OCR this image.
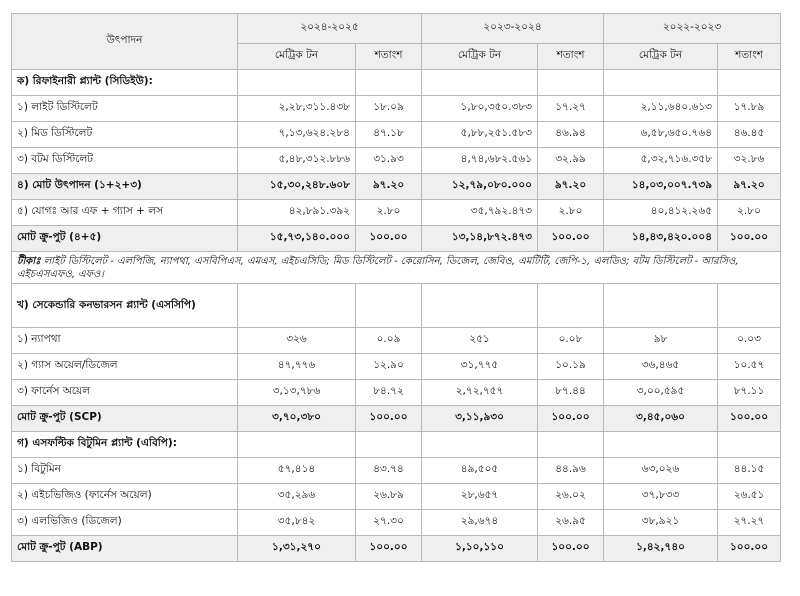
উৎপাদন	২০২৪-২০২৫		২০২৩-২০২৪		২০২২-২০২৩	
	মেট্রিক টন	শতাংশ	মেট্রিক টন	শতাংশ	মেট্রিক টন	শতাংশ
ক) রিফাইনারী প্ল্যান্ট (সিডিইউ):						
১) লাইট ডিস্টিলেট	২,২৮,৩১১.৪৩৮	১৮.০৯	১,৮০,৩৫০.৩৮৩	১৭.২৭	২,১১,৬৪০.৬১৩	১৭.৮৯
২) মিড ডিস্টিলেট	৭,১৩,৬২৪.২৮৪	৪৭.১৮	৫,৮৮,২৫১.৫৮৩	৪৬.৯৪	৬,৫৮,৬৫০.৭৬৪	৪৬.৪৫
৩) বটম ডিস্টিলেট	৫,৪৮,৩১২.৮৮৬	৩১.৯৩	৪,৭৪,৬৮২.৫৬১	৩২.৯৯	৫,৩২,৭১৬.৩৫৮	৩২.৮৬
৪) মোট উৎপাদন (১+২+৩)	১৫,৩০,২৪৮.৬০৮	৯৭.২০	১২,৭৯,০৮০.০০০	৯৭.২০	১৪,০৩,০০৭.৭৩৯	৯৭.২০
৫) যোগঃ আর এফ + গ্যাস + লস	৪২,৮৯১.৩৯২	২.৮০	৩৫,৭৯২.৪৭৩	২.৮০	৪০,৪১২.২৬৫	২.৮০
মোট ক্রু-পুট (৪+৫)	১৫,৭৩,১৪০.০০০	১০০.০০	১৩,১৪,৮৭২.৪৭৩	১০০.০০	১৪,৪৩,৪২০.০০৪	১০০.০০
টীকাঃ লাইট ডিস্টিলেট - এলপিজি, ন্যাপথা, এসবিপিএস, এমএস, এইচএসিডি; মিড ডিস্টিলেট - কেরোসিন, ডিজেল, জেবিও, এমটিটি, জেপি-১, এলডিও; বটম ডিস্টিলেট - আরসিও, এইচএসএফও, এফও।						
খ) সেকেন্ডারি কনভারসন প্ল্যান্ট (এসসিপি)						
১) ন্যাপথা	৩২৬	০.০৯	২৫১	০.০৮	৯৮	০.০৩
২) গ্যাস অয়েল/ডিজেল	৪৭,৭৭৬	১২.৯০	৩১,৭৭৫	১০.১৯	৩৬,৪৬৫	১০.৫৭
৩) ফার্নেস অয়েল	৩,১৩,৭৮৬	৮৪.৭২	২,৭২,৭৫৭	৮৭.৪৪	৩,০০,৫৯৫	৮৭.১১
মোট ক্রু-পুট (SCP)	৩,৭০,৩৮০	১০০.০০	৩,১১,৯৩০	১০০.০০	৩,৪৫,০৬০	১০০.০০
গ) এসফল্টিক বিটুমিন প্ল্যান্ট (এবিপি):						
১) বিটুমিন	৫৭,৪১৪	৪৩.৭৪	৪৯,৫০৫	৪৪.৯৬	৬৩,০২৬	৪৪.১৫
২) এইচভিজিও (ফার্নেস অয়েল)	৩৫,২৯৬	২৬.৮৯	২৮,৬৫৭	২৬.০২	৩৭,৮৩৩	২৬.৫১
৩) এলভিজিও (ডিজেল)	৩৫,৮৪২	২৭.৩০	২৯,৬৭৪	২৬.৯৫	৩৮,৯২১	২৭.২৭
মোট ক্রু-পুট (ABP)	১,৩১,২৭০	১০০.০০	১,১০,১১০	১০০.০০	১,৪২,৭৪০	১০০.০০
